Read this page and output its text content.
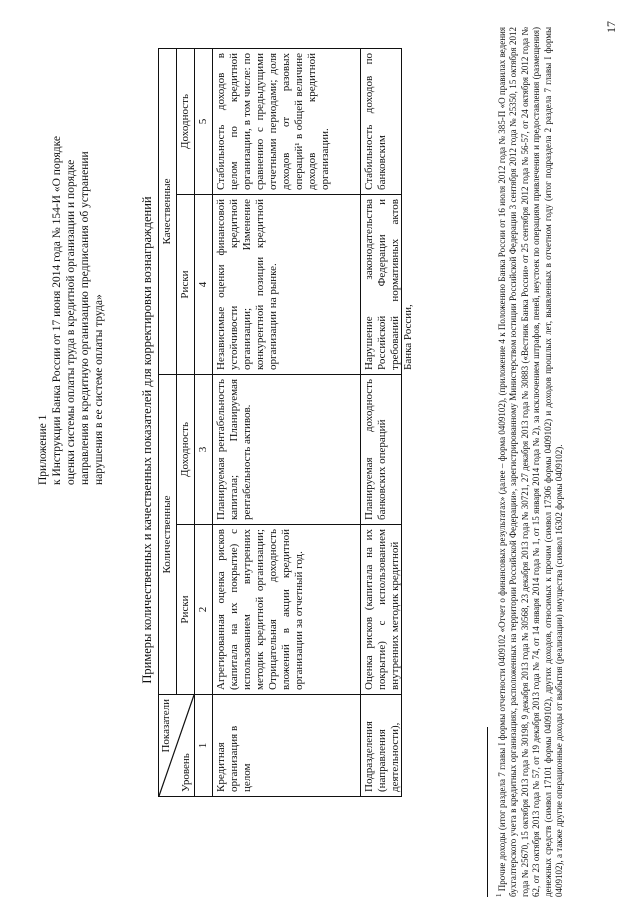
Приложение 1 к Инструкции Банка России от 17 июня 2014 года № 154-И «О порядке оценки системы оплаты труда в кредитной организации и порядке направления в кредитную организацию предписания об устранении нарушения в ее системе оплаты труда»	Примеры количественных и качественных показателей для корректировки вознаграждений
Показатели
Уровень	Количественные		Качественные	
	Риски	Доходность	Риски	Доходность
1	2	3	4	5
Кредитная организация в целом	Агрегированная оценка рисков (капитала на их покрытие) с использованием внутренних методик кредитной организации; Отрицательная доходность вложений в акции кредитной организации за отчетный год.	Планируемая рентабельность капитала; Планируемая рентабельность активов.	Независимые оценки финансовой устойчивости кредитной организации; Изменение конкурентной позиции кредитной организации на рынке.	Стабильность доходов в целом по кредитной организации, в том числе: по сравнению с предыдущими отчетными периодами; доля доходов от разовых операций¹ в общей величине доходов кредитной организации.

Подразделения (направления деятельности),	Оценка рисков (капитала на их покрытие) с использованием внутренних методик кредитной	Планируемая доходность банковских операций	Нарушение законодательства Российской Федерации и требований нормативных актов Банка России,	Стабильность доходов по банковским
$^1$ Прочие доходы (итог раздела 7 главы I формы отчетности 0409102 «Отчет о финансовых результатах» (далее – форма 0409102), (приложение 4 к Положению Банка России от 16 июля 2012 года № 385-П «О правилах ведения бухгалтерского учета в кредитных организациях, расположенных на территории Российской Федерации», зарегистрированному Министерством юстиции Российской Федерации 3 сентября 2012 года № 25350, 15 октября 2012 года № 25670, 15 октября 2013 года № 30198, 9 декабря 2013 года № 30568, 23 декабря 2013 года № 30721, 27 декабря 2013 года № 30883 («Вестник Банка России» от 25 сентября 2012 года № 56-57, от 24 октября 2012 года № 62, от 23 октября 2013 года № 57, от 19 декабря 2013 года № 74, от 14 января 2014 года № 1, от 15 января 2014 года № 2), за исключением штрафов, пеней, неустоек по операциям привлечения и предоставления (размещения) денежных средств (символ 17101 формы 0409102), других доходов, относимых к прочим (символ 17306 формы 0409102) и доходов прошлых лет, выявленных в отчетном году (итог подраздела 2 раздела 7 главы I формы 0409102), а также другие операционные доходы от выбытия (реализации) имущества (символ 16302 формы 0409102).
17
